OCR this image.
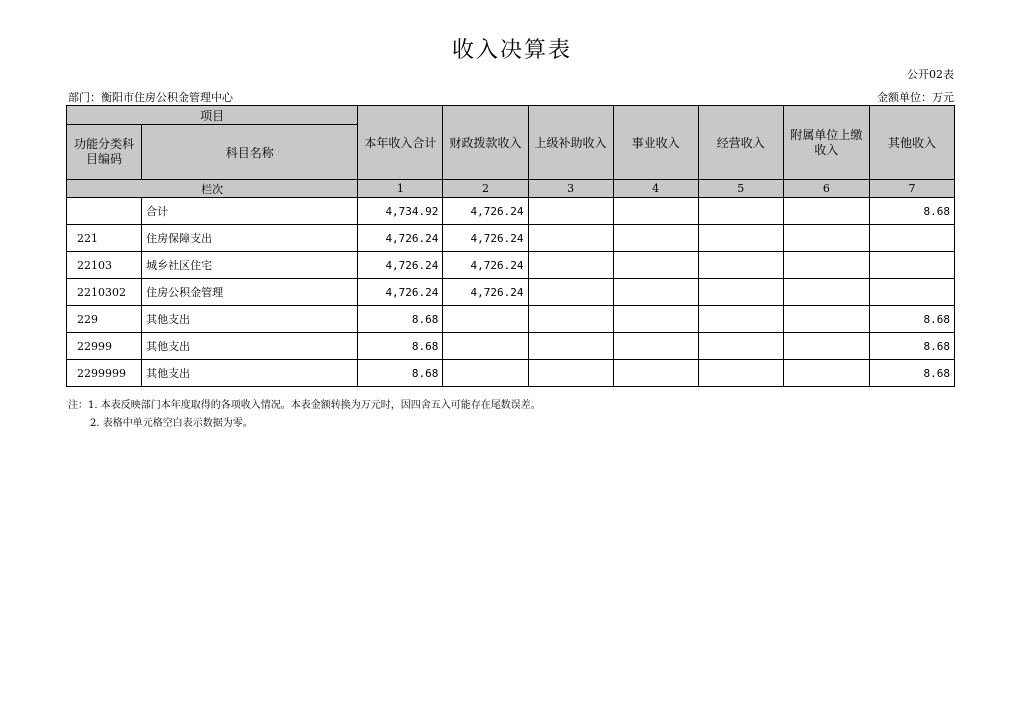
收入决算表
公开02表
部门：衡阳市住房公积金管理中心	金额单位：万元
项目		本年收入合计	财政拨款收入	上级补助收入	事业收入	经营收入	附属单位上缴收入	其他收入
功能分类科目编码	科目名称							
栏次		1	2	3	4	5	6	7
	合计	4,734.92	4,726.24					8.68
221	住房保障支出	4,726.24	4,726.24					
22103	城乡社区住宅	4,726.24	4,726.24					
2210302	住房公积金管理	4,726.24	4,726.24					
229	其他支出	8.68						8.68
22999	其他支出	8.68						8.68
2299999	其他支出	8.68						8.68
注：1. 本表反映部门本年度取得的各项收入情况。本表金额转换为万元时，因四舍五入可能存在尾数误差。
2. 表格中单元格空白表示数据为零。
